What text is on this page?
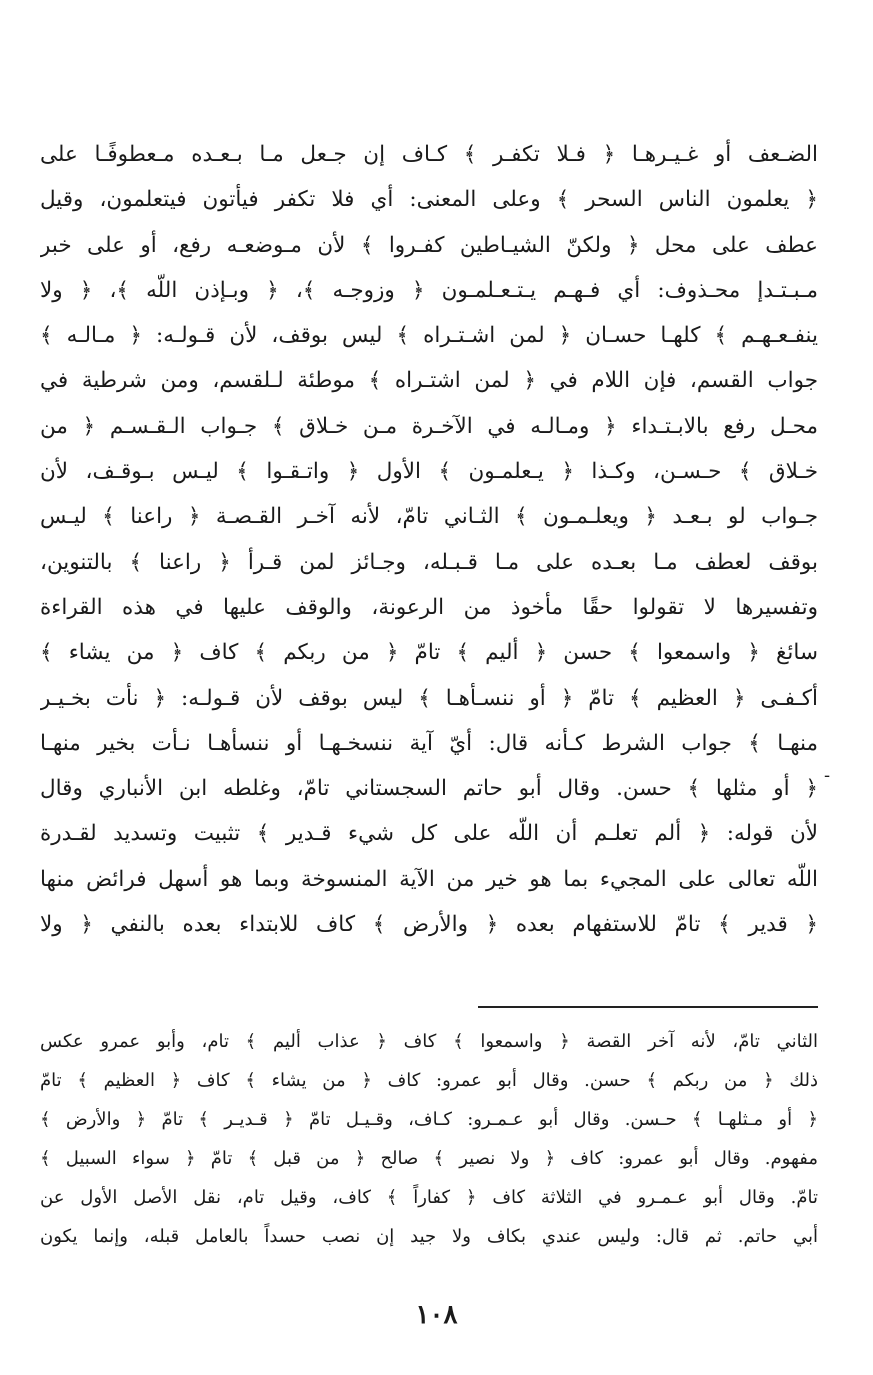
الضـعف أو غـيـرهـا ﴿ فـلا تكفـر ﴾ كـاف إن جـعل مـا بـعـده مـعطوفًـا على
﴿ يعلمون الناس السحر ﴾ وعلى المعنى: أي فلا تكفر فيأتون فيتعلمون، وقيل
عطف على محل ﴿ ولكنّ الشيـاطين كفـروا ﴾ لأن مـوضعـه رفع، أو على خبر
مـبـتـدإ محـذوف: أي فـهـم يـتـعـلمـون ﴿ وزوجـه ﴾، ﴿ وبـإذن اللّه ﴾، ﴿ ولا
ينفـعـهـم ﴾ كلهـا حسـان ﴿ لمن اشـتـراه ﴾ ليس بوقف، لأن قـولـه: ﴿ مـالـه ﴾
جواب القسم، فإن اللام في ﴿ لمن اشتـراه ﴾ موطئة لـلقسم، ومن شرطية في
محـل رفع بالابـتـداء ﴿ ومـالـه في الآخـرة مـن خـلاق ﴾ جـواب الـقـسـم ﴿ من
خـلاق ﴾ حـسـن، وكـذا ﴿ يـعلمـون ﴾ الأول ﴿ واتـقـوا ﴾ ليـس بـوقـف، لأن
جـواب لو بـعـد ﴿ ويعلـمـون ﴾ الثـاني تامّ، لأنه آخـر القـصـة ﴿ راعنا ﴾ ليـس
بوقف لعطف مـا بعـده على مـا قـبـله، وجـائز لمن قـرأ ﴿ راعنا ﴾ بالتنوين،
وتفسيرها لا تقولوا حقًا مأخوذ من الرعونة، والوقف عليها في هذه القراءة
سائغ ﴿ واسمعوا ﴾ حسن ﴿ أليم ﴾ تامّ ﴿ من ربكم ﴾ كاف ﴿ من يشاء ﴾
أكـفـى ﴿ العظيم ﴾ تامّ ﴿ أو ننسـأهـا ﴾ ليس بوقف لأن قـولـه: ﴿ نأت بخـيـر
منهـا ﴾ جواب الشرط كـأنه قال: أيّ آية ننسخـهـا أو ننسأهـا نـأت بخير منهـا
﴿ أو مثلها ﴾ حسن. وقال أبو حاتم السجستاني تامّ، وغلطه ابن الأنباري وقال
لأن قوله: ﴿ ألم تعلـم أن اللّه على كل شيء قـدير ﴾ تثبيت وتسديد لقـدرة
اللّه تعالى على المجيء بما هو خير من الآية المنسوخة وبما هو أسهل فرائض منها
﴿ قدير ﴾ تامّ للاستفهام بعده ﴿ والأرض ﴾ كاف للابتداء بعده بالنفي ﴿ ولا
الثاني تامّ، لأنه آخر القصة ﴿ واسمعوا ﴾ كاف ﴿ عذاب أليم ﴾ تام، وأبو عمرو عكس
ذلك ﴿ من ربكم ﴾ حسن. وقال أبو عمرو: كاف ﴿ من يشاء ﴾ كاف ﴿ العظيم ﴾ تامّ
﴿ أو مـثلهـا ﴾ حـسن. وقال أبو عـمـرو: كـاف، وقـيـل تامّ ﴿ قـديـر ﴾ تامّ ﴿ والأرض ﴾
مفهوم. وقال أبو عمرو: كاف ﴿ ولا نصير ﴾ صالح ﴿ من قبل ﴾ تامّ ﴿ سواء السبيل ﴾
تامّ. وقال أبو عـمـرو في الثلاثة كاف ﴿ كفاراً ﴾ كاف، وقيل تام، نقل الأصل الأول عن
أبي حاتم. ثم قال: وليس عندي بكاف ولا جيد إن نصب حسداً بالعامل قبله، وإنما يكون
-
١٠٨
